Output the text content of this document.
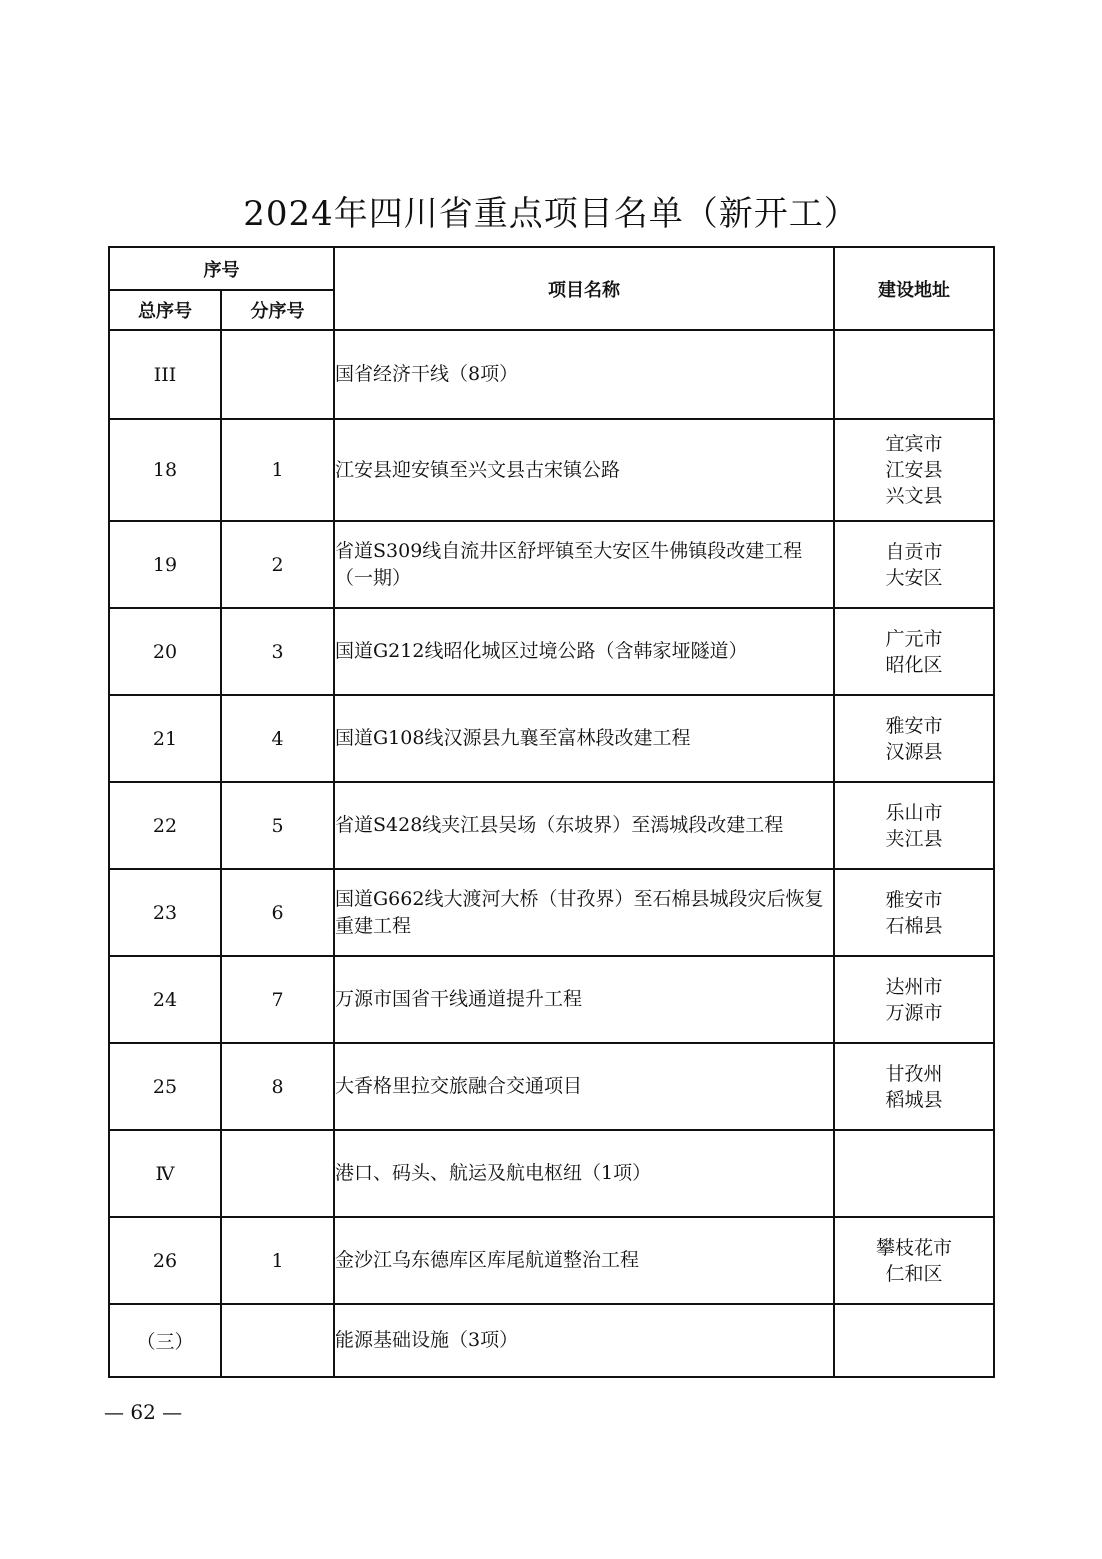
2024年四川省重点项目名单（新开工）
序号		项目名称	建设地址
总序号	分序号		
III		国省经济干线（8项）	
18	1	江安县迎安镇至兴文县古宋镇公路	宜宾市
江安县
兴文县

19	2	省道S309线自流井区舒坪镇至大安区牛佛镇段改建工程（一期）	自贡市
大安区

20	3	国道G212线昭化城区过境公路（含韩家垭隧道）	广元市
昭化区

21	4	国道G108线汉源县九襄至富林段改建工程	雅安市
汉源县

22	5	省道S428线夹江县吴场（东坡界）至漹城段改建工程	乐山市
夹江县

23	6	国道G662线大渡河大桥（甘孜界）至石棉县城段灾后恢复重建工程	雅安市
石棉县

24	7	万源市国省干线通道提升工程	达州市
万源市

25	8	大香格里拉交旅融合交通项目	甘孜州
稻城县

Ⅳ		港口、码头、航运及航电枢纽（1项）	
26	1	金沙江乌东德库区库尾航道整治工程	攀枝花市
仁和区

（三）		能源基础设施（3项）	
— 62 —
